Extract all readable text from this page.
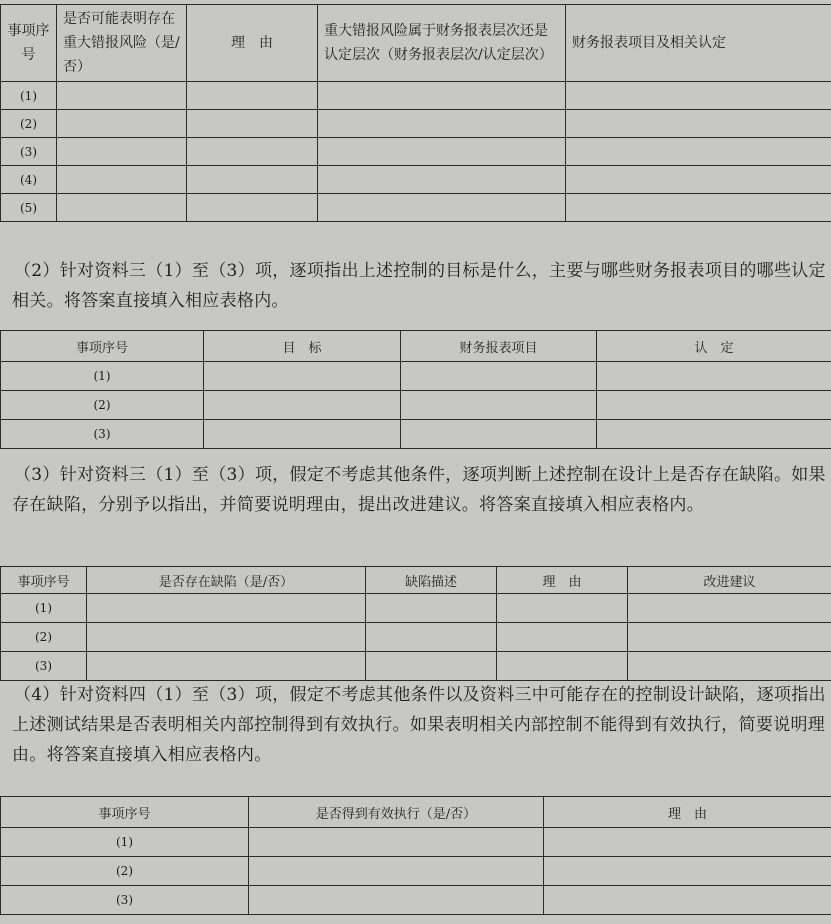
事项序号	是否可能表明存在重大错报风险（是/否）	理　由	重大错报风险属于财务报表层次还是认定层次（财务报表层次/认定层次）	财务报表项目及相关认定
(1)				
(2)				
(3)				
(4)				
(5)				

（2）针对资料三（1）至（3）项，逐项指出上述控制的目标是什么，主要与哪些财务报表项目的哪些认定相关。将答案直接填入相应表格内。

事项序号	目　标	财务报表项目	认　定
(1)			
(2)			
(3)			

（3）针对资料三（1）至（3）项，假定不考虑其他条件，逐项判断上述控制在设计上是否存在缺陷。如果存在缺陷，分别予以指出，并简要说明理由，提出改进建议。将答案直接填入相应表格内。

事项序号	是否存在缺陷（是/否）	缺陷描述	理　由	改进建议
(1)				
(2)				
(3)				

（4）针对资料四（1）至（3）项，假定不考虑其他条件以及资料三中可能存在的控制设计缺陷，逐项指出上述测试结果是否表明相关内部控制得到有效执行。如果表明相关内部控制不能得到有效执行，简要说明理由。将答案直接填入相应表格内。

事项序号	是否得到有效执行（是/否）	理　由
(1)		
(2)		
(3)		
